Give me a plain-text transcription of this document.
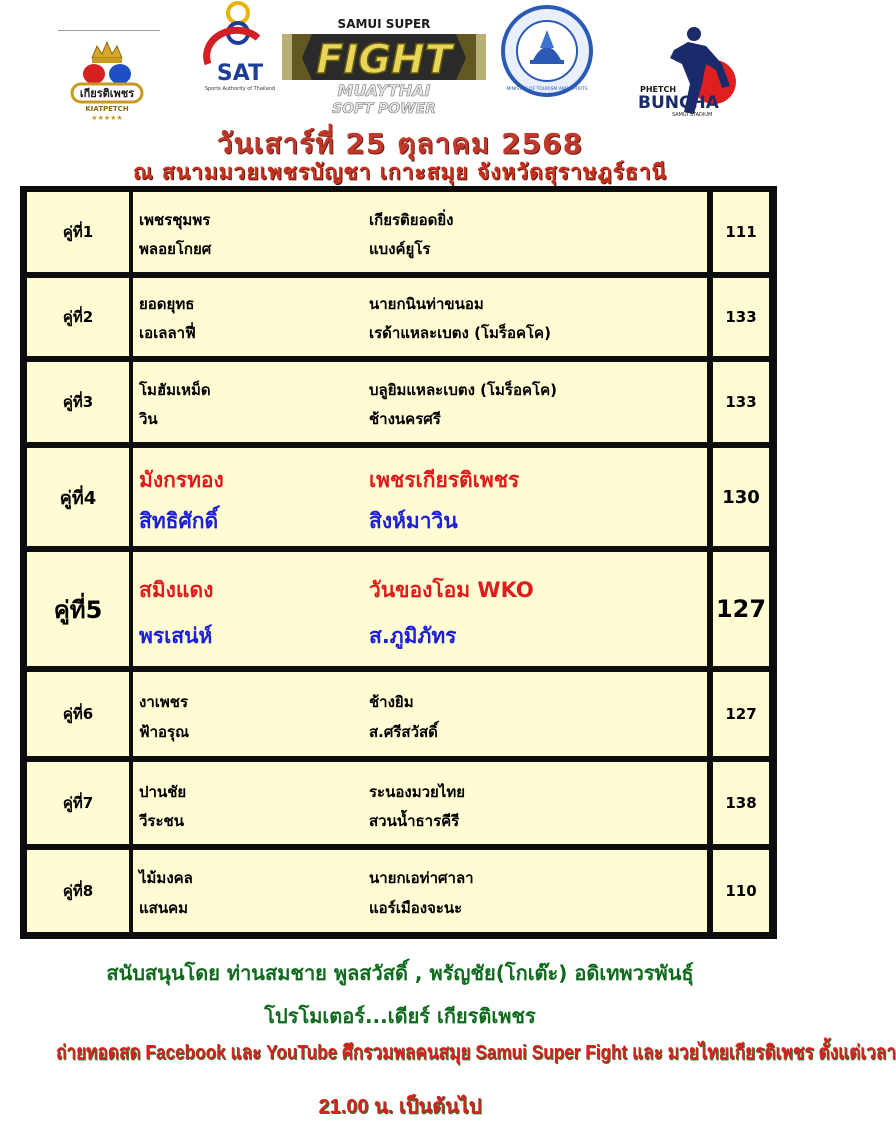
เกียรติเพชร
KIATPETCH
★★★★★
SAT
Sports Authority of Thailand
SAMUI SUPER
FIGHT
MUAYTHAI
SOFT POWER
MINISTRY OF TOURISM AND SPORTS	PHETCH
BUNCHA
SAMUI STADIUM
วันเสาร์ที่ 25 ตุลาคม 2568
ณ สนามมวยเพชรบัญชา เกาะสมุย จังหวัดสุราษฎร์ธานี
คู่ที่1
เพชรชุมพร
พลอยโกยศ
เกียรติยอดยิ่ง
แบงค์ยูโร
111
คู่ที่2
ยอดยุทธ
เอเลลาฟี่
นายกนินท่าขนอม
เรด้าแหละเบตง (โมร็อคโค)
133
คู่ที่3
โมฮัมเหม็ด
วิน
บลูยิมแหละเบตง (โมร็อคโค)
ช้างนครศรี
133
คู่ที่4
มังกรทอง
สิทธิศักดิ์
เพชรเกียรติเพชร
สิงห์มาวิน
130
คู่ที่5
สมิงแดง
พรเสน่ห์
วันของโอม WKO
ส.ภูมิภัทร
127
คู่ที่6
งาเพชร
ฟ้าอรุณ
ช้างยิม
ส.ศรีสวัสดิ์
127
คู่ที่7
ปานชัย
วีระชน
ระนองมวยไทย
สวนน้ำธารคีรี
138
คู่ที่8
ไม้มงคล
แสนคม
นายกเอท่าศาลา
แอร์เมืองจะนะ
110
สนับสนุนโดย ท่านสมชาย พูลสวัสดิ์ , พรัญชัย(โกเต๊ะ) อดิเทพวรพันธุ์
โปรโมเตอร์...เดียร์ เกียรติเพชร
ถ่ายทอดสด Facebook และ YouTube ศึกรวมพลคนสมุย Samui Super Fight และ มวยไทยเกียรติเพชร ตั้งแต่เวลา
21.00 น. เป็นต้นไป
